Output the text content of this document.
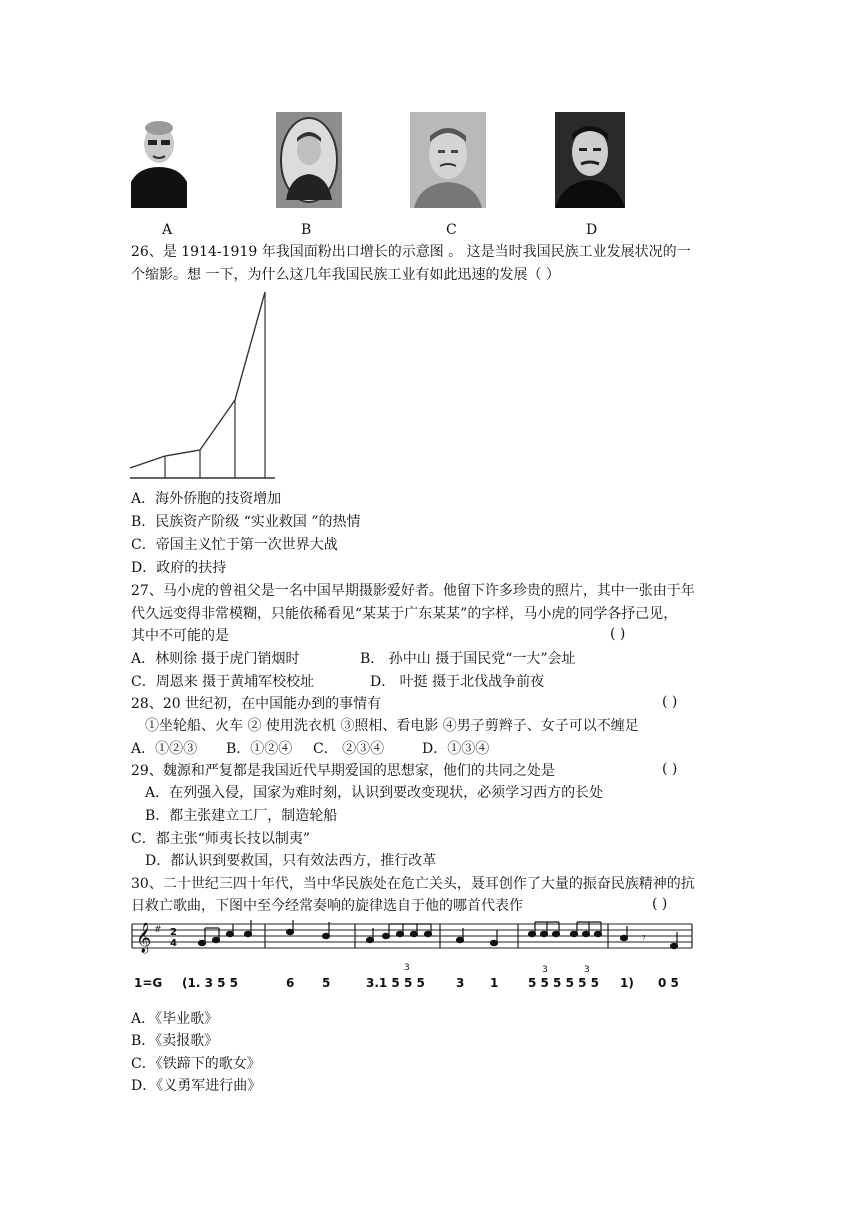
A	B	C	D
26、是 1914-1919 年我国面粉出口增长的示意图 。 这是当时我国民族工业发展状况的一
个缩影。想 一下，为什么这几年我国民族工业有如此迅速的发展（ ）
A．海外侨胞的技资增加
B．民族资产阶级 “实业救国 ”的热情
C．帝国主义忙于第一次世界大战
D．政府的扶持
27、马小虎的曾祖父是一名中国早期摄影爱好者。他留下许多珍贵的照片，其中一张由于年
代久远变得非常模糊，只能依稀看见“某某于广东某某”的字样，马小虎的同学各抒己见，
其中不可能的是	( )
A．林则徐 摄于虎门销烟时	B． 孙中山 摄于国民党“一大”会址
C．周恩来 摄于黄埔军校校址	D． 叶挺 摄于北伐战争前夜
28、20 世纪初，在中国能办到的事情有	( )
①坐轮船、火车 ② 使用洗衣机 ③照相、看电影 ④男子剪辫子、女子可以不缠足
A．①②③ B．①②④ C． ②③④	D．①③④
29、魏源和严复都是我国近代早期爱国的思想家，他们的共同之处是	( )
A．在列强入侵，国家为难时刻，认识到要改变现状，必须学习西方的长处
B．都主张建立工厂，制造轮船
C．都主张“师夷长技以制夷”
D．都认识到要救国，只有效法西方，推行改革
30、二十世纪三四十年代，当中华民族处在危亡关头，聂耳创作了大量的振奋民族精神的抗
日救亡歌曲，下图中至今经常奏响的旋律选自于他的哪首代表作	( )
𝄞 # 2
4	𝄾
3	3	3
1=G (1. 3 5 5	6 5	3.1 5 5 5	3 1 5 5 5 5 5 5 1) 0 5
A．《毕业歌》
B．《卖报歌》
C．《铁蹄下的歌女》
D．《义勇军进行曲》
